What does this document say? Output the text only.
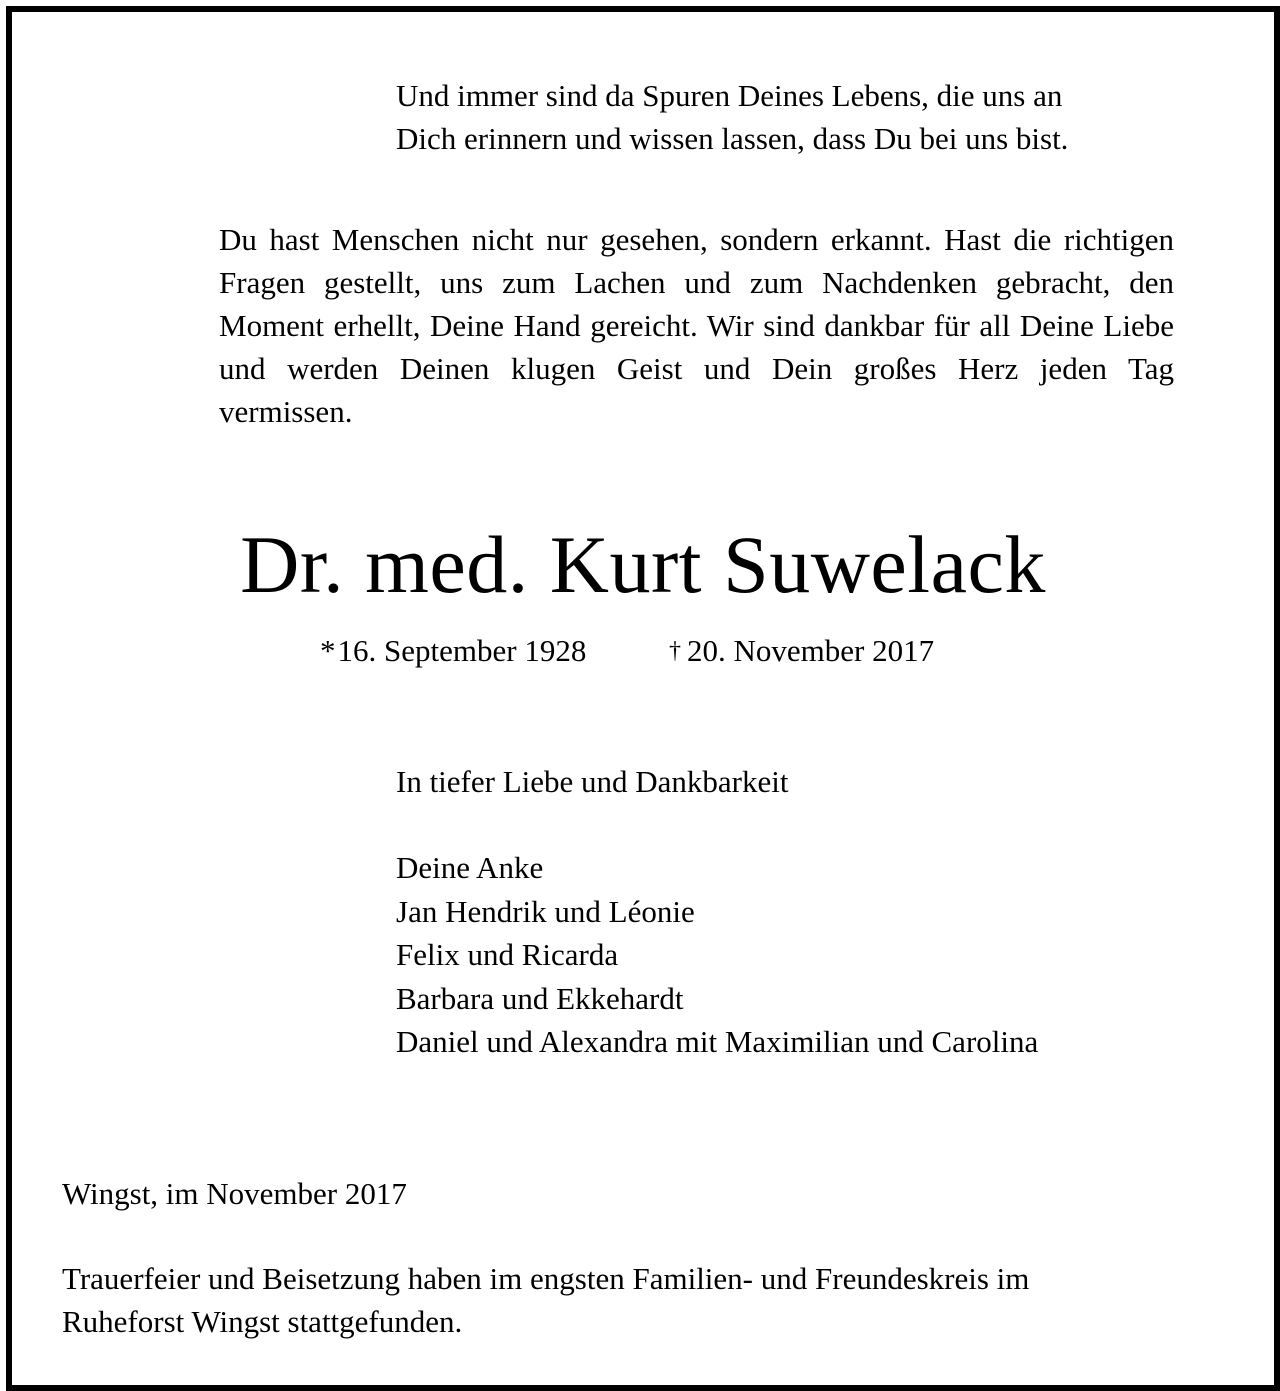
Und immer sind da Spuren Deines Lebens, die uns an
Dich erinnern und wissen lassen, dass Du bei uns bist.

Du hast Menschen nicht nur gesehen, sondern erkannt. Hast die richtigen Fragen gestellt, uns zum Lachen und zum Nachdenken gebracht, den Moment erhellt, Deine Hand gereicht. Wir sind dankbar für all Deine Liebe und werden Deinen klugen Geist und Dein großes Herz jeden Tag vermissen.

Dr. med. Kurt Suwelack
*16. September 1928	† 20. November 2017

In tiefer Liebe und Dankbarkeit

Deine Anke
Jan Hendrik und Léonie
Felix und Ricarda
Barbara und Ekkehardt
Daniel und Alexandra mit Maximilian und Carolina

Wingst, im November 2017

Trauerfeier und Beisetzung haben im engsten Familien- und Freundeskreis im
Ruheforst Wingst stattgefunden.
